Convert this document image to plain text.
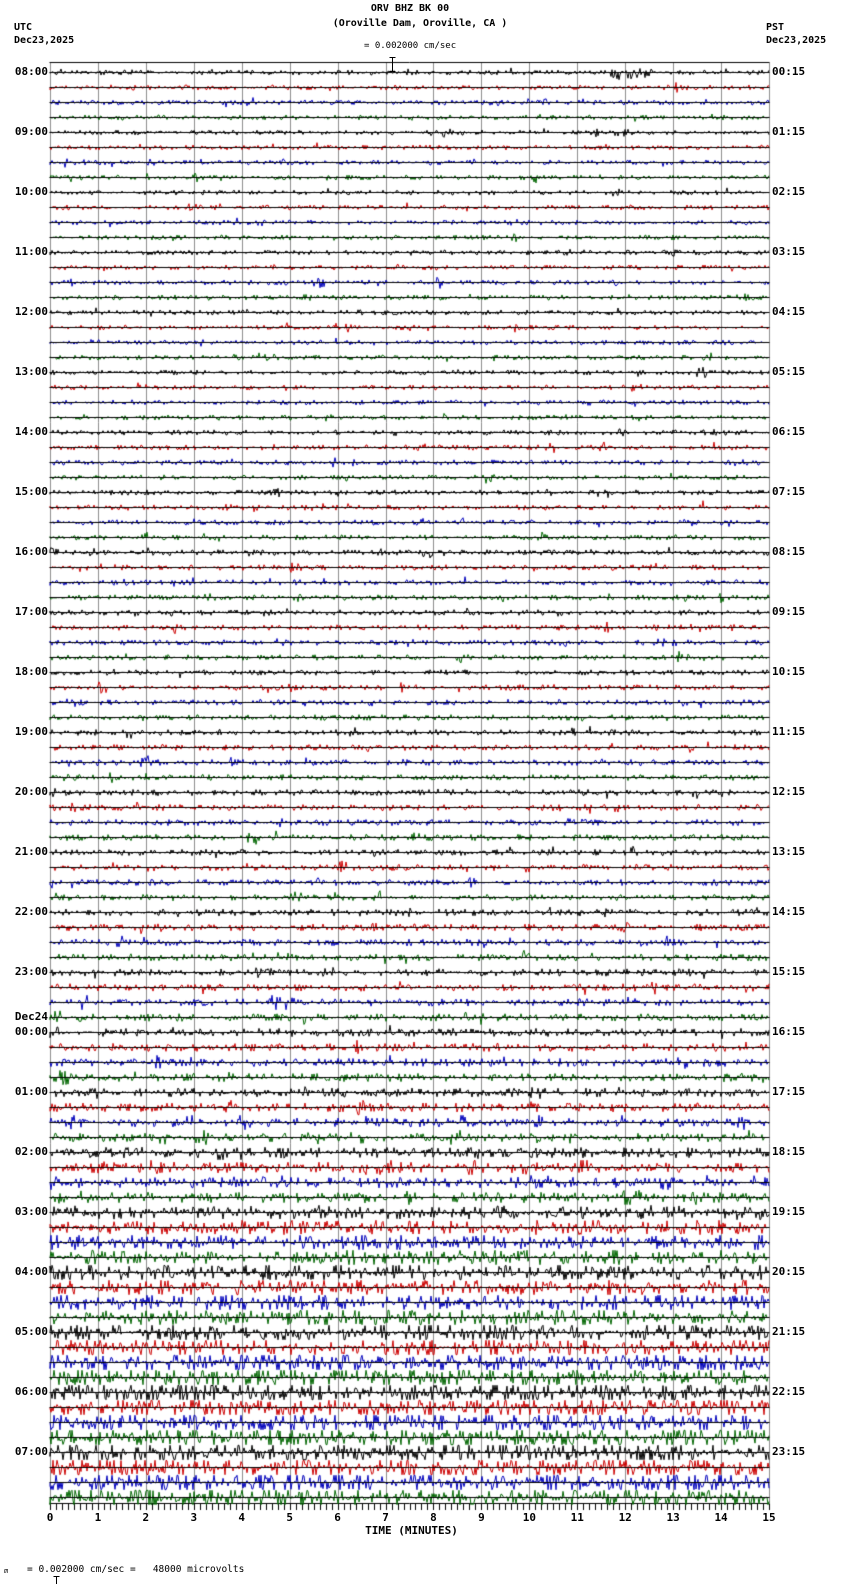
08:00
09:00
10:00
11:00
12:00
13:00
14:00
15:00
16:00
17:00
18:00
19:00
20:00
21:00
22:00
23:00
Dec24
00:00
01:00
02:00
03:00
04:00
05:00
06:00
07:00
00:15
01:15
02:15
03:15
04:15
05:15
06:15
07:15
08:15
09:15
10:15
11:15
12:15
13:15
14:15
15:15
16:15
17:15
18:15
19:15
20:15
21:15
22:15
23:15
0	1	2	3	4	5	6	7	8	9	10	11	12	13	14	15
TIME (MINUTES)
m

= 0.002000 cm/sec =   48000 microvolts
